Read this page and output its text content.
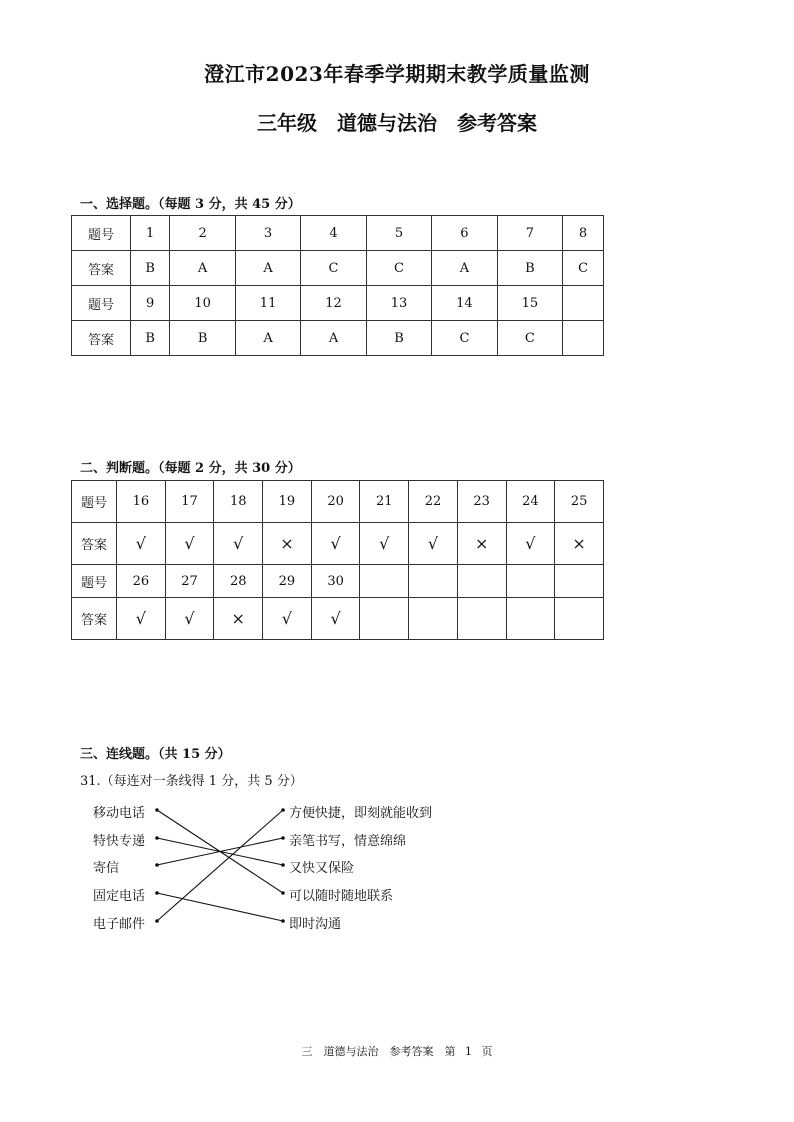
澄江市2023年春季学期期末教学质量监测
三年级　道德与法治　参考答案
一、选择题。（每题 3 分，共 45 分）
题号	1	2	3	4	5	6	7	8
答案	B	A	A	C	C	A	B	C
题号	9	10	11	12	13	14	15	
答案	B	B	A	A	B	C	C	
二、判断题。（每题 2 分，共 30 分）
题号	16	17	18	19	20	21	22	23	24	25
答案	√	√	√	×	√	√	√	×	√	×
题号	26	27	28	29	30					
答案	√	√	×	√	√					
三、连线题。（共 15 分）
31.（每连对一条线得 1 分，共 5 分）
移动电话
特快专递
寄信
固定电话
电子邮件
方便快捷，即刻就能收到
亲笔书写，情意绵绵
又快又保险
可以随时随地联系
即时沟通
三　道德与法治　参考答案　第 1 页
